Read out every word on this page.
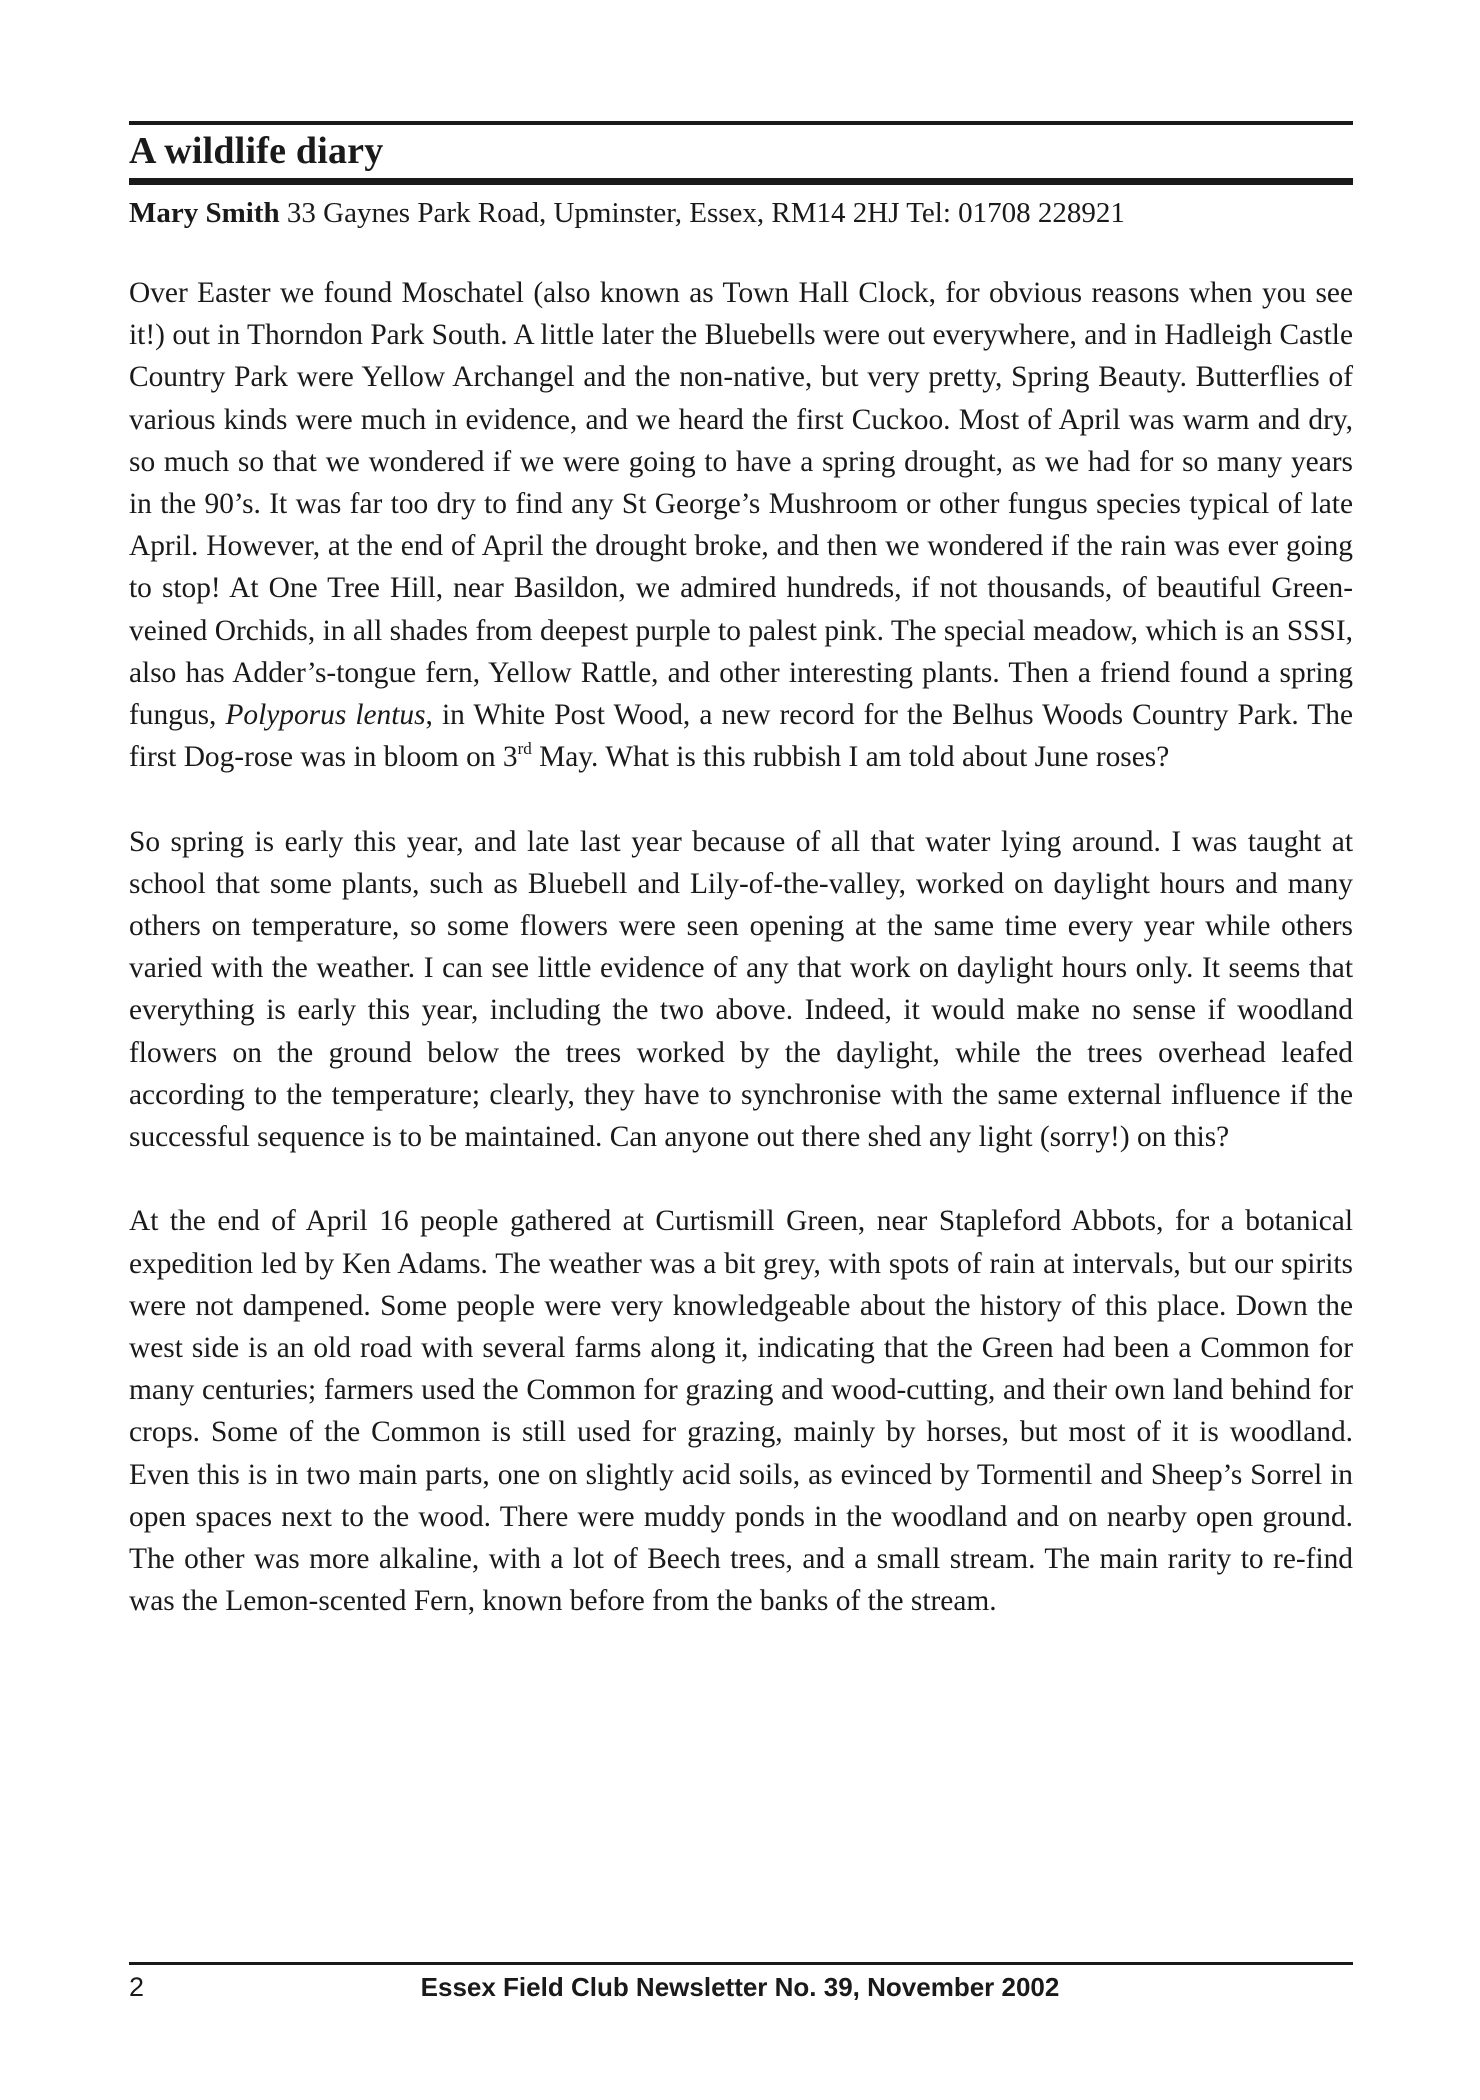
A wildlife diary

Mary Smith 33 Gaynes Park Road, Upminster, Essex, RM14 2HJ Tel: 01708 228921

Over Easter we found Moschatel (also known as Town Hall Clock, for obvious reasons when you see it!) out in Thorndon Park South. A little later the Bluebells were out everywhere, and in Hadleigh Castle Country Park were Yellow Archangel and the non-native, but very pretty, Spring Beauty. Butterflies of various kinds were much in evidence, and we heard the first Cuckoo. Most of April was warm and dry, so much so that we wondered if we were going to have a spring drought, as we had for so many years in the 90’s. It was far too dry to find any St George’s Mushroom or other fungus species typical of late April. However, at the end of April the drought broke, and then we wondered if the rain was ever going to stop! At One Tree Hill, near Basildon, we admired hundreds, if not thousands, of beautiful Green-veined Orchids, in all shades from deepest purple to palest pink. The special meadow, which is an SSSI, also has Adder’s-tongue fern, Yellow Rattle, and other interesting plants. Then a friend found a spring fungus, Polyporus lentus, in White Post Wood, a new record for the Belhus Woods Country Park. The first Dog-rose was in bloom on 3rd May. What is this rubbish I am told about June roses?

So spring is early this year, and late last year because of all that water lying around. I was taught at school that some plants, such as Bluebell and Lily-of-the-valley, worked on daylight hours and many others on temperature, so some flowers were seen opening at the same time every year while others varied with the weather. I can see little evidence of any that work on daylight hours only. It seems that everything is early this year, including the two above. Indeed, it would make no sense if woodland flowers on the ground below the trees worked by the daylight, while the trees overhead leafed according to the temperature; clearly, they have to synchronise with the same external influence if the successful sequence is to be maintained. Can anyone out there shed any light (sorry!) on this?

At the end of April 16 people gathered at Curtismill Green, near Stapleford Abbots, for a botanical expedition led by Ken Adams. The weather was a bit grey, with spots of rain at intervals, but our spirits were not dampened. Some people were very knowledgeable about the history of this place. Down the west side is an old road with several farms along it, indicating that the Green had been a Common for many centuries; farmers used the Common for grazing and wood-cutting, and their own land behind for crops. Some of the Common is still used for grazing, mainly by horses, but most of it is woodland. Even this is in two main parts, one on slightly acid soils, as evinced by Tormentil and Sheep’s Sorrel in open spaces next to the wood. There were muddy ponds in the woodland and on nearby open ground. The other was more alkaline, with a lot of Beech trees, and a small stream. The main rarity to re-find was the Lemon-scented Fern, known before from the banks of the stream.

2	Essex Field Club Newsletter No. 39, November 2002
